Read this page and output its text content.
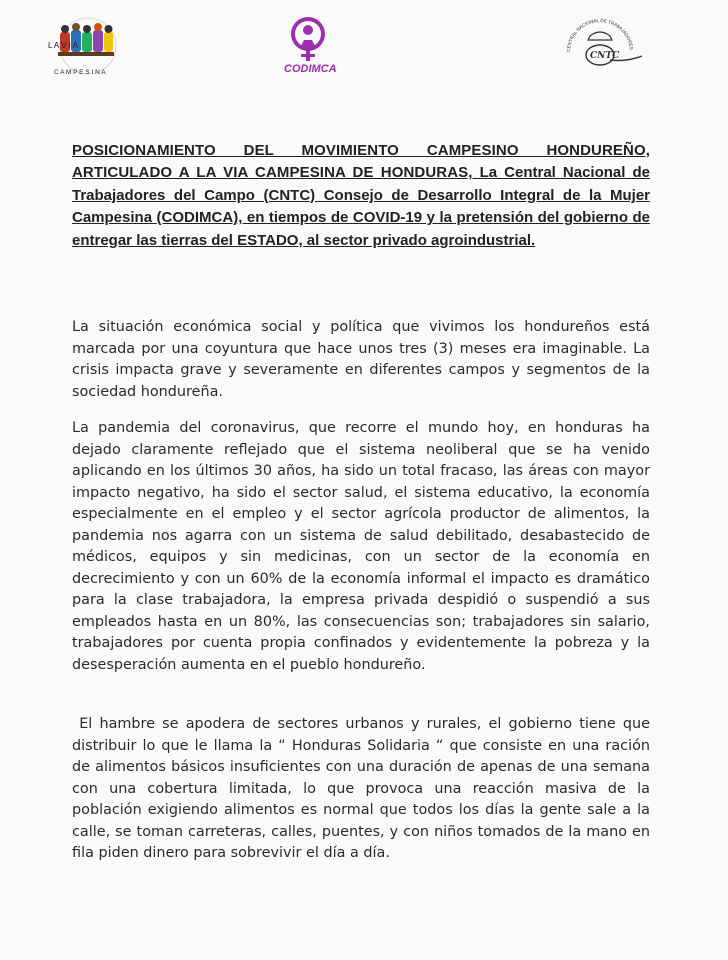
L A V I A
C A M P E S I N A	CODIMCA
CENTRAL NACIONAL DE TRABAJADORES
CNTC
POSICIONAMIENTO DEL MOVIMIENTO CAMPESINO HONDUREÑO, ARTICULADO A LA VIA CAMPESINA DE HONDURAS, La Central Nacional de Trabajadores del Campo (CNTC) Consejo de Desarrollo Integral de la Mujer Campesina (CODIMCA), en tiempos de COVID-19 y la pretensión del gobierno de entregar las tierras del ESTADO, al sector privado agroindustrial.
La situación económica social y política que vivimos los hondureños está marcada por una coyuntura que hace unos tres (3) meses era imaginable. La crisis impacta grave y severamente en diferentes campos y segmentos de la sociedad hondureña.
La pandemia del coronavirus, que recorre el mundo hoy, en honduras ha dejado claramente reflejado que el sistema neoliberal que se ha venido aplicando en los últimos 30 años, ha sido un total fracaso, las áreas con mayor impacto negativo, ha sido el sector salud, el sistema educativo, la economía especialmente en el empleo y el sector agrícola productor de alimentos, la pandemia nos agarra con un sistema de salud debilitado, desabastecido de médicos, equipos y sin medicinas, con un sector de la economía en decrecimiento y con un 60% de la economía informal el impacto es dramático para la clase trabajadora, la empresa privada despidió o suspendió a sus empleados hasta en un 80%, las consecuencias son; trabajadores sin salario, trabajadores por cuenta propia confinados y evidentemente la pobreza y la desesperación aumenta en el pueblo hondureño.
El hambre se apodera de sectores urbanos y rurales, el gobierno tiene que distribuir lo que le llama la “ Honduras Solidaria “ que consiste en una ración de alimentos básicos insuficientes con una duración de apenas de una semana con una cobertura limitada, lo que provoca una reacción masiva de la población exigiendo alimentos es normal que todos los días la gente sale a la calle, se toman carreteras, calles, puentes, y con niños tomados de la mano en fila piden dinero para sobrevivir el día a día.
